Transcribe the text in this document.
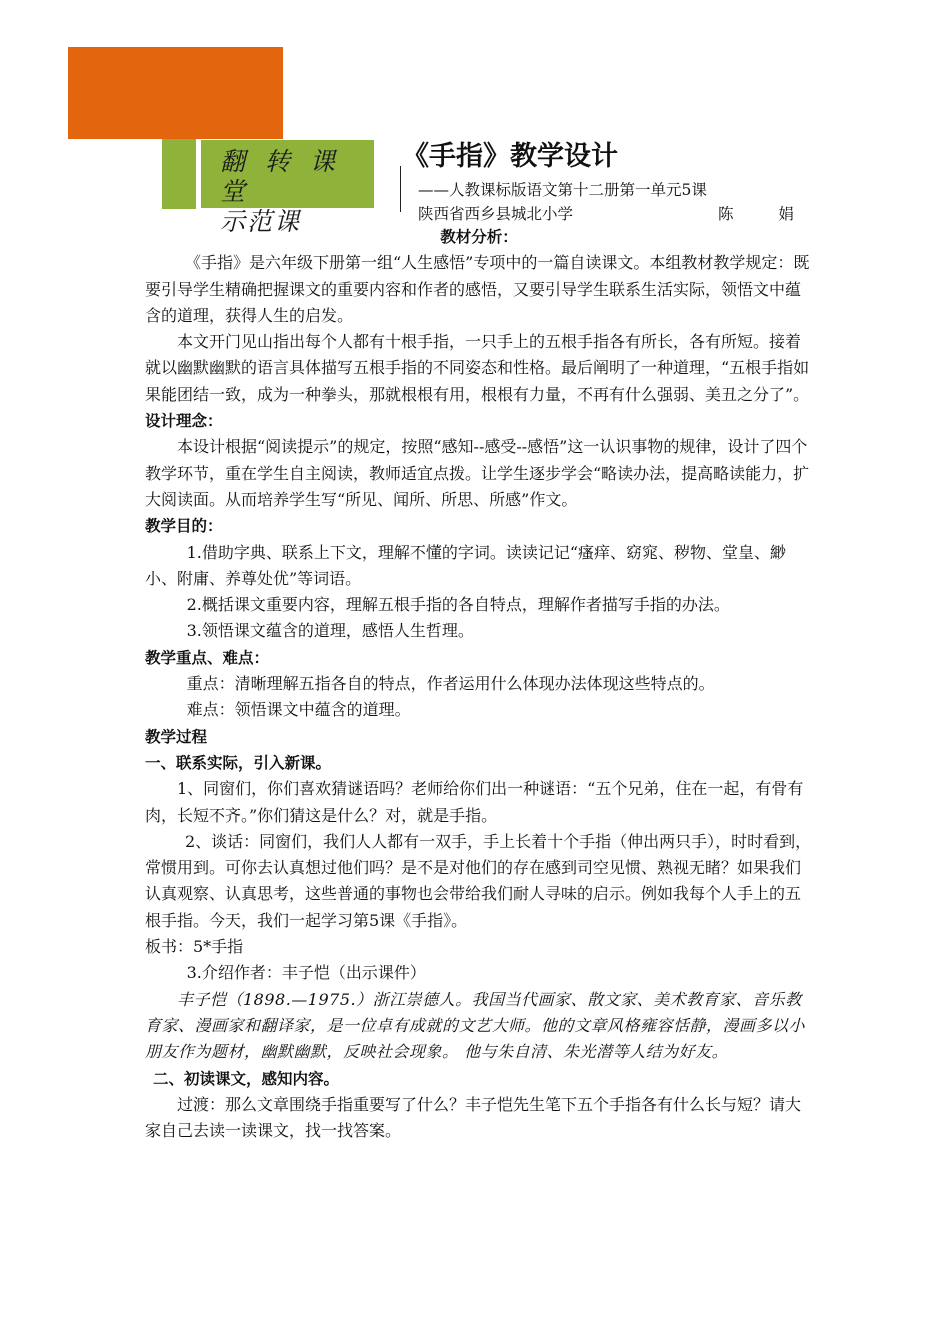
翻 转 课 堂
示范课
《手指》教学设计
——人教课标版语文第十二册第一单元5课
陕西省西乡县城北小学	陈 娟

教材分析：

《手指》是六年级下册第一组“人生感悟”专项中的一篇自读课文。本组教材教学规定：既要引导学生精确把握课文的重要内容和作者的感悟，又要引导学生联系生活实际，领悟文中蕴含的道理，获得人生的启发。

本文开门见山指出每个人都有十根手指，一只手上的五根手指各有所长，各有所短。接着就以幽默幽默的语言具体描写五根手指的不同姿态和性格。最后阐明了一种道理，“五根手指如果能团结一致，成为一种拳头，那就根根有用，根根有力量，不再有什么强弱、美丑之分了”。

设计理念：

本设计根据“阅读提示”的规定，按照“感知--感受--感悟”这一认识事物的规律，设计了四个教学环节，重在学生自主阅读，教师适宜点拨。让学生逐步学会“略读办法，提高略读能力，扩大阅读面。从而培养学生写“所见、闻所、所思、所感”作文。

教学目的：

1.借助字典、联系上下文，理解不懂的字词。读读记记“瘙痒、窈窕、秽物、堂皇、緲小、附庸、养尊处优”等词语。

2.概括课文重要内容，理解五根手指的各自特点，理解作者描写手指的办法。

3.领悟课文蕴含的道理，感悟人生哲理。

教学重点、难点：

重点：清晰理解五指各自的特点，作者运用什么体现办法体现这些特点的。

难点：领悟课文中蕴含的道理。

教学过程

一、联系实际，引入新课。

1、同窗们，你们喜欢猜谜语吗？老师给你们出一种谜语：“五个兄弟，住在一起，有骨有肉，长短不齐。”你们猜这是什么？对，就是手指。

2、谈话：同窗们，我们人人都有一双手，手上长着十个手指（伸出两只手），时时看到，常惯用到。可你去认真想过他们吗？是不是对他们的存在感到司空见惯、熟视无睹？如果我们认真观察、认真思考，这些普通的事物也会带给我们耐人寻味的启示。例如我每个人手上的五根手指。今天，我们一起学习第5课《手指》。

板书：5*手指

3.介绍作者：丰子恺（出示课件）

丰子恺（1898.—1975.）浙江崇德人。我国当代画家、散文家、美术教育家、音乐教育家、漫画家和翻译家，是一位卓有成就的文艺大师。他的文章风格雍容恬静，漫画多以小朋友作为题材，幽默幽默，反映社会现象。 他与朱自清、朱光潜等人结为好友。

二、初读课文，感知内容。

过渡：那么文章围绕手指重要写了什么？丰子恺先生笔下五个手指各有什么长与短？请大家自己去读一读课文，找一找答案。
